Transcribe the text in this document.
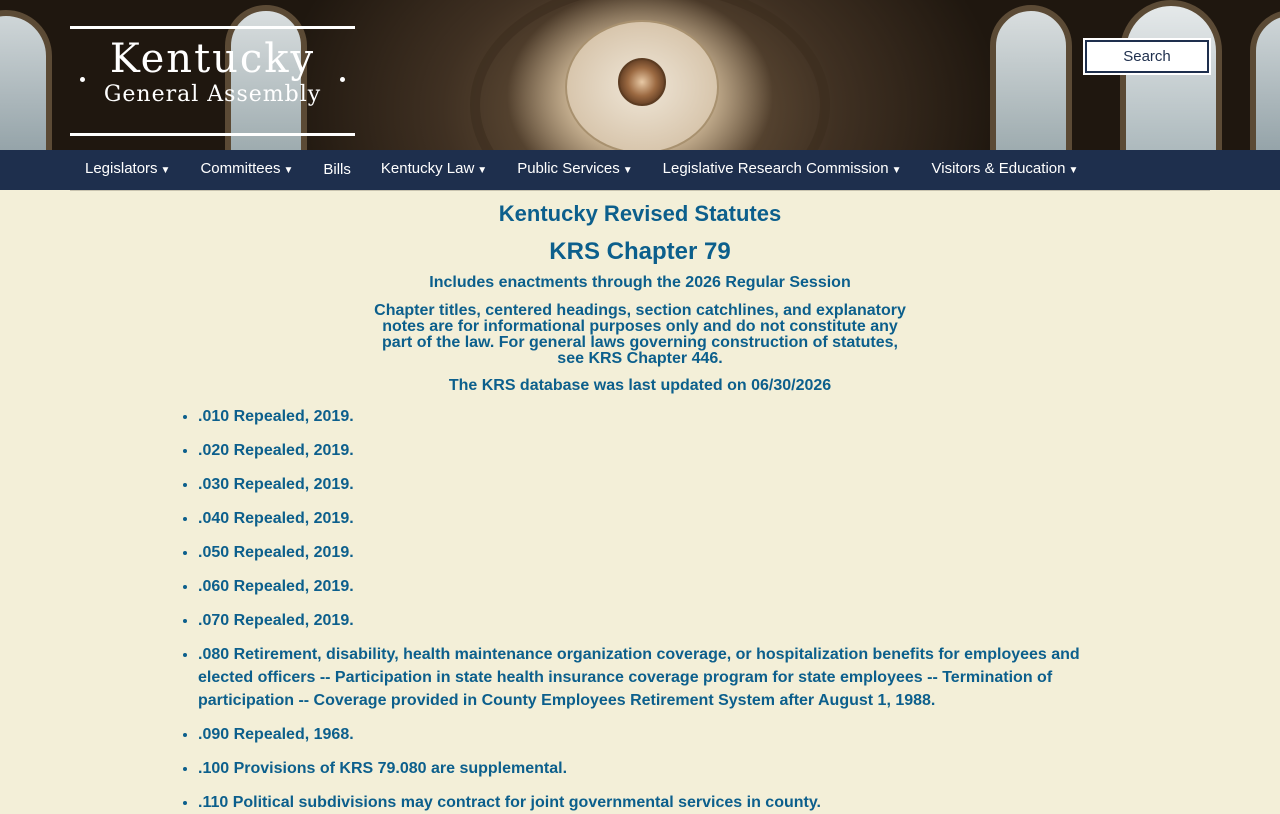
Kentucky
General Assembly
Search
Legislators ▼	Committees ▼	Bills	Kentucky Law ▼	Public Services ▼	Legislative Research Commission ▼	Visitors & Education ▼
Kentucky Revised Statutes
KRS Chapter 79
Includes enactments through the 2026 Regular Session
Chapter titles, centered headings, section catchlines, and explanatory notes are for informational purposes only and do not constitute any part of the law. For general laws governing construction of statutes, see KRS Chapter 446.
The KRS database was last updated on 06/30/2026
• .010 Repealed, 2019.
• .020 Repealed, 2019.
• .030 Repealed, 2019.
• .040 Repealed, 2019.
• .050 Repealed, 2019.
• .060 Repealed, 2019.
• .070 Repealed, 2019.
• .080 Retirement, disability, health maintenance organization coverage, or hospitalization benefits for employees and elected officers -- Participation in state health insurance coverage program for state employees -- Termination of participation -- Coverage provided in County Employees Retirement System after August 1, 1988.
• .090 Repealed, 1968.
• .100 Provisions of KRS 79.080 are supplemental.
• .110 Political subdivisions may contract for joint governmental services in county.
